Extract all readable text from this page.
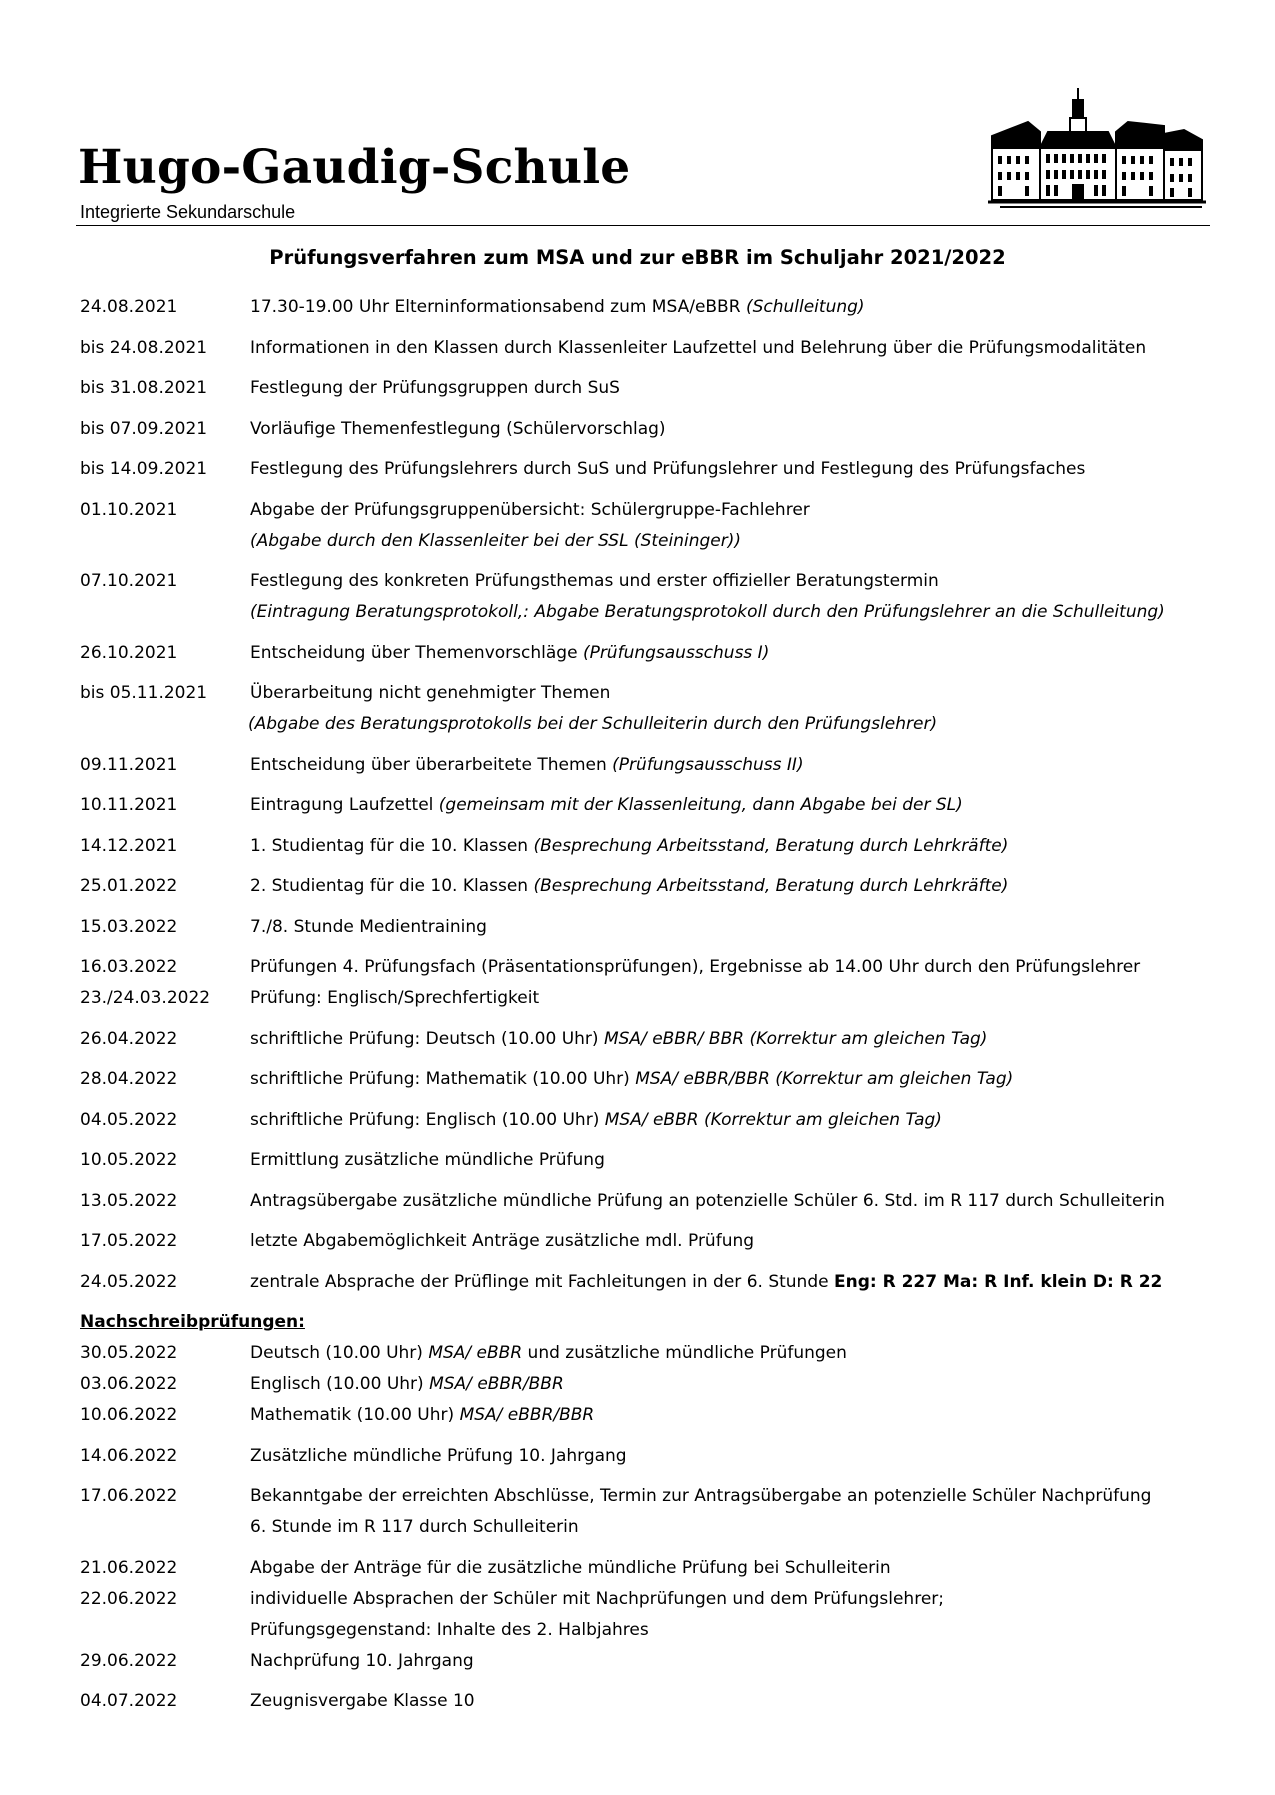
Hugo-Gaudig-Schule
Integrierte Sekundarschule
Prüfungsverfahren zum MSA und zur eBBR im Schuljahr 2021/2022
24.08.2021	17.30-19.00 Uhr Elterninformationsabend zum MSA/eBBR (Schulleitung)
bis 24.08.2021	Informationen in den Klassen durch Klassenleiter Laufzettel und Belehrung über die Prüfungsmodalitäten
bis 31.08.2021	Festlegung der Prüfungsgruppen durch SuS
bis 07.09.2021	Vorläufige Themenfestlegung (Schülervorschlag)
bis 14.09.2021	Festlegung des Prüfungslehrers durch SuS und Prüfungslehrer und Festlegung des Prüfungsfaches
01.10.2021	Abgabe der Prüfungsgruppenübersicht: Schülergruppe-Fachlehrer
(Abgabe durch den Klassenleiter bei der SSL (Steininger))
07.10.2021	Festlegung des konkreten Prüfungsthemas und erster offizieller Beratungstermin
(Eintragung Beratungsprotokoll,: Abgabe Beratungsprotokoll durch den Prüfungslehrer an die Schulleitung)
26.10.2021	Entscheidung über Themenvorschläge (Prüfungsausschuss I)
bis 05.11.2021	Überarbeitung nicht genehmigter Themen
(Abgabe des Beratungsprotokolls bei der Schulleiterin durch den Prüfungslehrer)
09.11.2021	Entscheidung über überarbeitete Themen (Prüfungsausschuss II)
10.11.2021	Eintragung Laufzettel (gemeinsam mit der Klassenleitung, dann Abgabe bei der SL)
14.12.2021	1. Studientag für die 10. Klassen (Besprechung Arbeitsstand, Beratung durch Lehrkräfte)
25.01.2022	2. Studientag für die 10. Klassen (Besprechung Arbeitsstand, Beratung durch Lehrkräfte)
15.03.2022	7./8. Stunde Medientraining
16.03.2022	Prüfungen 4. Prüfungsfach (Präsentationsprüfungen), Ergebnisse ab 14.00 Uhr durch den Prüfungslehrer
23./24.03.2022	Prüfung: Englisch/Sprechfertigkeit
26.04.2022	schriftliche Prüfung: Deutsch (10.00 Uhr) MSA/ eBBR/ BBR (Korrektur am gleichen Tag)
28.04.2022	schriftliche Prüfung: Mathematik (10.00 Uhr) MSA/ eBBR/BBR (Korrektur am gleichen Tag)
04.05.2022	schriftliche Prüfung: Englisch (10.00 Uhr) MSA/ eBBR (Korrektur am gleichen Tag)
10.05.2022	Ermittlung zusätzliche mündliche Prüfung
13.05.2022	Antragsübergabe zusätzliche mündliche Prüfung an potenzielle Schüler 6. Std. im R 117 durch Schulleiterin
17.05.2022	letzte Abgabemöglichkeit Anträge zusätzliche mdl. Prüfung
24.05.2022	zentrale Absprache der Prüflinge mit Fachleitungen in der 6. Stunde Eng: R 227 Ma: R Inf. klein D: R 22
Nachschreibprüfungen:
30.05.2022	Deutsch (10.00 Uhr) MSA/ eBBR und zusätzliche mündliche Prüfungen
03.06.2022	Englisch (10.00 Uhr) MSA/ eBBR/BBR
10.06.2022	Mathematik (10.00 Uhr) MSA/ eBBR/BBR
14.06.2022	Zusätzliche mündliche Prüfung 10. Jahrgang
17.06.2022	Bekanntgabe der erreichten Abschlüsse, Termin zur Antragsübergabe an potenzielle Schüler Nachprüfung
6. Stunde im R 117 durch Schulleiterin
21.06.2022	Abgabe der Anträge für die zusätzliche mündliche Prüfung bei Schulleiterin
22.06.2022	individuelle Absprachen der Schüler mit Nachprüfungen und dem Prüfungslehrer;
Prüfungsgegenstand: Inhalte des 2. Halbjahres
29.06.2022	Nachprüfung 10. Jahrgang
04.07.2022	Zeugnisvergabe Klasse 10
